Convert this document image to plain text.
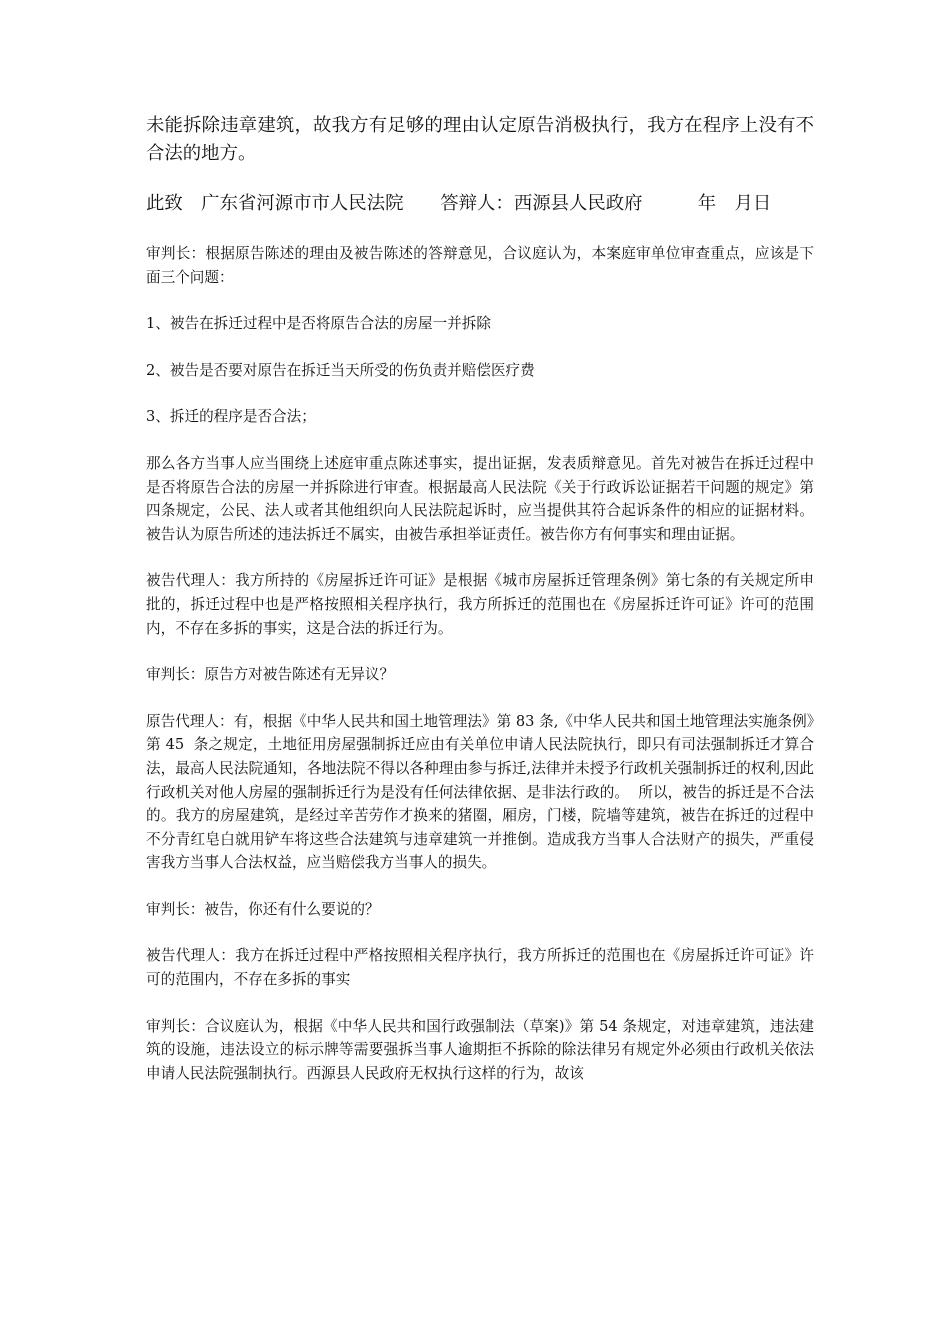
未能拆除违章建筑，故我方有足够的理由认定原告消极执行，我方在程序上没有不合法的地方。

此致　广东省河源市市人民法院　　答辩人：西源县人民政府　　　年　月日

审判长：根据原告陈述的理由及被告陈述的答辩意见，合议庭认为，本案庭审单位审查重点，应该是下面三个问题：

1、被告在拆迁过程中是否将原告合法的房屋一并拆除

2、被告是否要对原告在拆迁当天所受的伤负责并赔偿医疗费

3、拆迁的程序是否合法；

那么各方当事人应当围绕上述庭审重点陈述事实，提出证据，发表质辩意见。首先对被告在拆迁过程中是否将原告合法的房屋一并拆除进行审查。根据最高人民法院《关于行政诉讼证据若干问题的规定》第四条规定，公民、法人或者其他组织向人民法院起诉时，应当提供其符合起诉条件的相应的证据材料。被告认为原告所述的违法拆迁不属实，由被告承担举证责任。被告你方有何事实和理由证据。

被告代理人：我方所持的《房屋拆迁许可证》是根据《城市房屋拆迁管理条例》第七条的有关规定所申批的，拆迁过程中也是严格按照相关程序执行，我方所拆迁的范围也在《房屋拆迁许可证》许可的范围内，不存在多拆的事实，这是合法的拆迁行为。

审判长：原告方对被告陈述有无异议？

原告代理人：有，根据《中华人民共和国土地管理法》第 83 条,《中华人民共和国土地管理法实施条例》第 45  条之规定，土地征用房屋强制拆迁应由有关单位申请人民法院执行，即只有司法强制拆迁才算合法，最高人民法院通知，各地法院不得以各种理由参与拆迁,法律并未授予行政机关强制拆迁的权利,因此行政机关对他人房屋的强制拆迁行为是没有任何法律依据、是非法行政的。  所以，被告的拆迁是不合法的。我方的房屋建筑，是经过辛苦劳作才换来的猪圈，厢房，门楼，院墙等建筑，被告在拆迁的过程中不分青红皂白就用铲车将这些合法建筑与违章建筑一并推倒。造成我方当事人合法财产的损失，严重侵害我方当事人合法权益，应当赔偿我方当事人的损失。

审判长：被告，你还有什么要说的？

被告代理人：我方在拆迁过程中严格按照相关程序执行，我方所拆迁的范围也在《房屋拆迁许可证》许可的范围内，不存在多拆的事实

审判长：合议庭认为，根据《中华人民共和国行政强制法（草案)》第 54 条规定，对违章建筑，违法建筑的设施，违法设立的标示牌等需要强拆当事人逾期拒不拆除的除法律另有规定外必须由行政机关依法申请人民法院强制执行。西源县人民政府无权执行这样的行为，故该
